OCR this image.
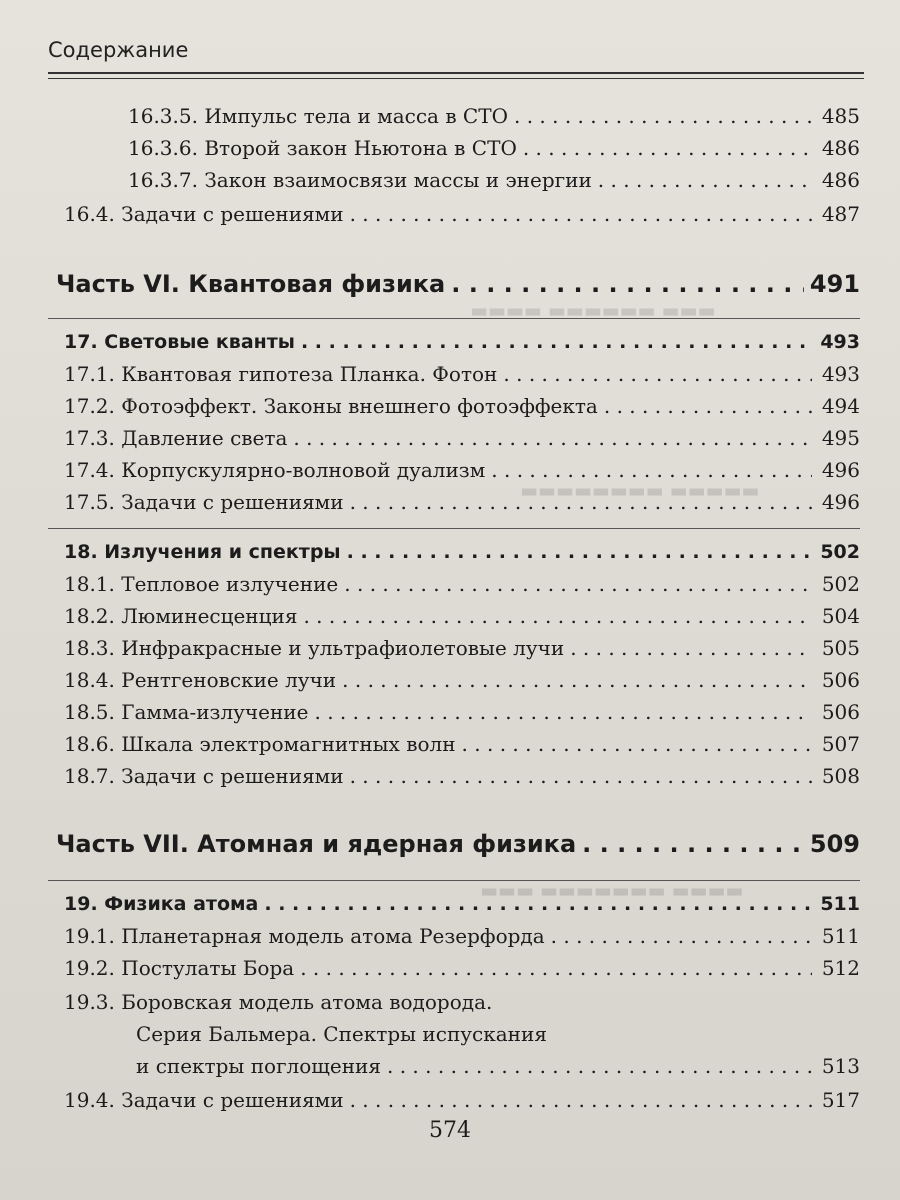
▬▬▬ ▬▬▬▬▬▬ ▬▬▬▬
▬▬▬▬▬ ▬▬▬▬▬▬▬▬
▬▬▬▬ ▬▬▬▬▬▬▬ ▬▬▬
Содержание
16.3.5. Импульс тела и масса в СТО . . .	485
16.3.6. Второй закон Ньютона в СТО . . .	486
16.3.7. Закон взаимосвязи массы и энергии . . .	486
16.4. Задачи с решениями . . .	487
Часть VI. Квантовая физика . . .	491
17. Световые кванты . . .	493
17.1. Квантовая гипотеза Планка. Фотон . . .	493
17.2. Фотоэффект. Законы внешнего фотоэффекта . . .	494
17.3. Давление света . . .	495
17.4. Корпускулярно-волновой дуализм . . .	496
17.5. Задачи с решениями . . .	496
18. Излучения и спектры . . .	502
18.1. Тепловое излучение . . .	502
18.2. Люминесценция . . .	504
18.3. Инфракрасные и ультрафиолетовые лучи . . .	505
18.4. Рентгеновские лучи . . .	506
18.5. Гамма-излучение . . .	506
18.6. Шкала электромагнитных волн . . .	507
18.7. Задачи с решениями . . .	508
Часть VII. Атомная и ядерная физика . . .	509
19. Физика атома . . .	511
19.1. Планетарная модель атома Резерфорда . . .	511
19.2. Постулаты Бора . . .	512
19.3. Боровская модель атома водорода.
Серия Бальмера. Спектры испускания
и спектры поглощения . . .	513
19.4. Задачи с решениями . . .	517
574
